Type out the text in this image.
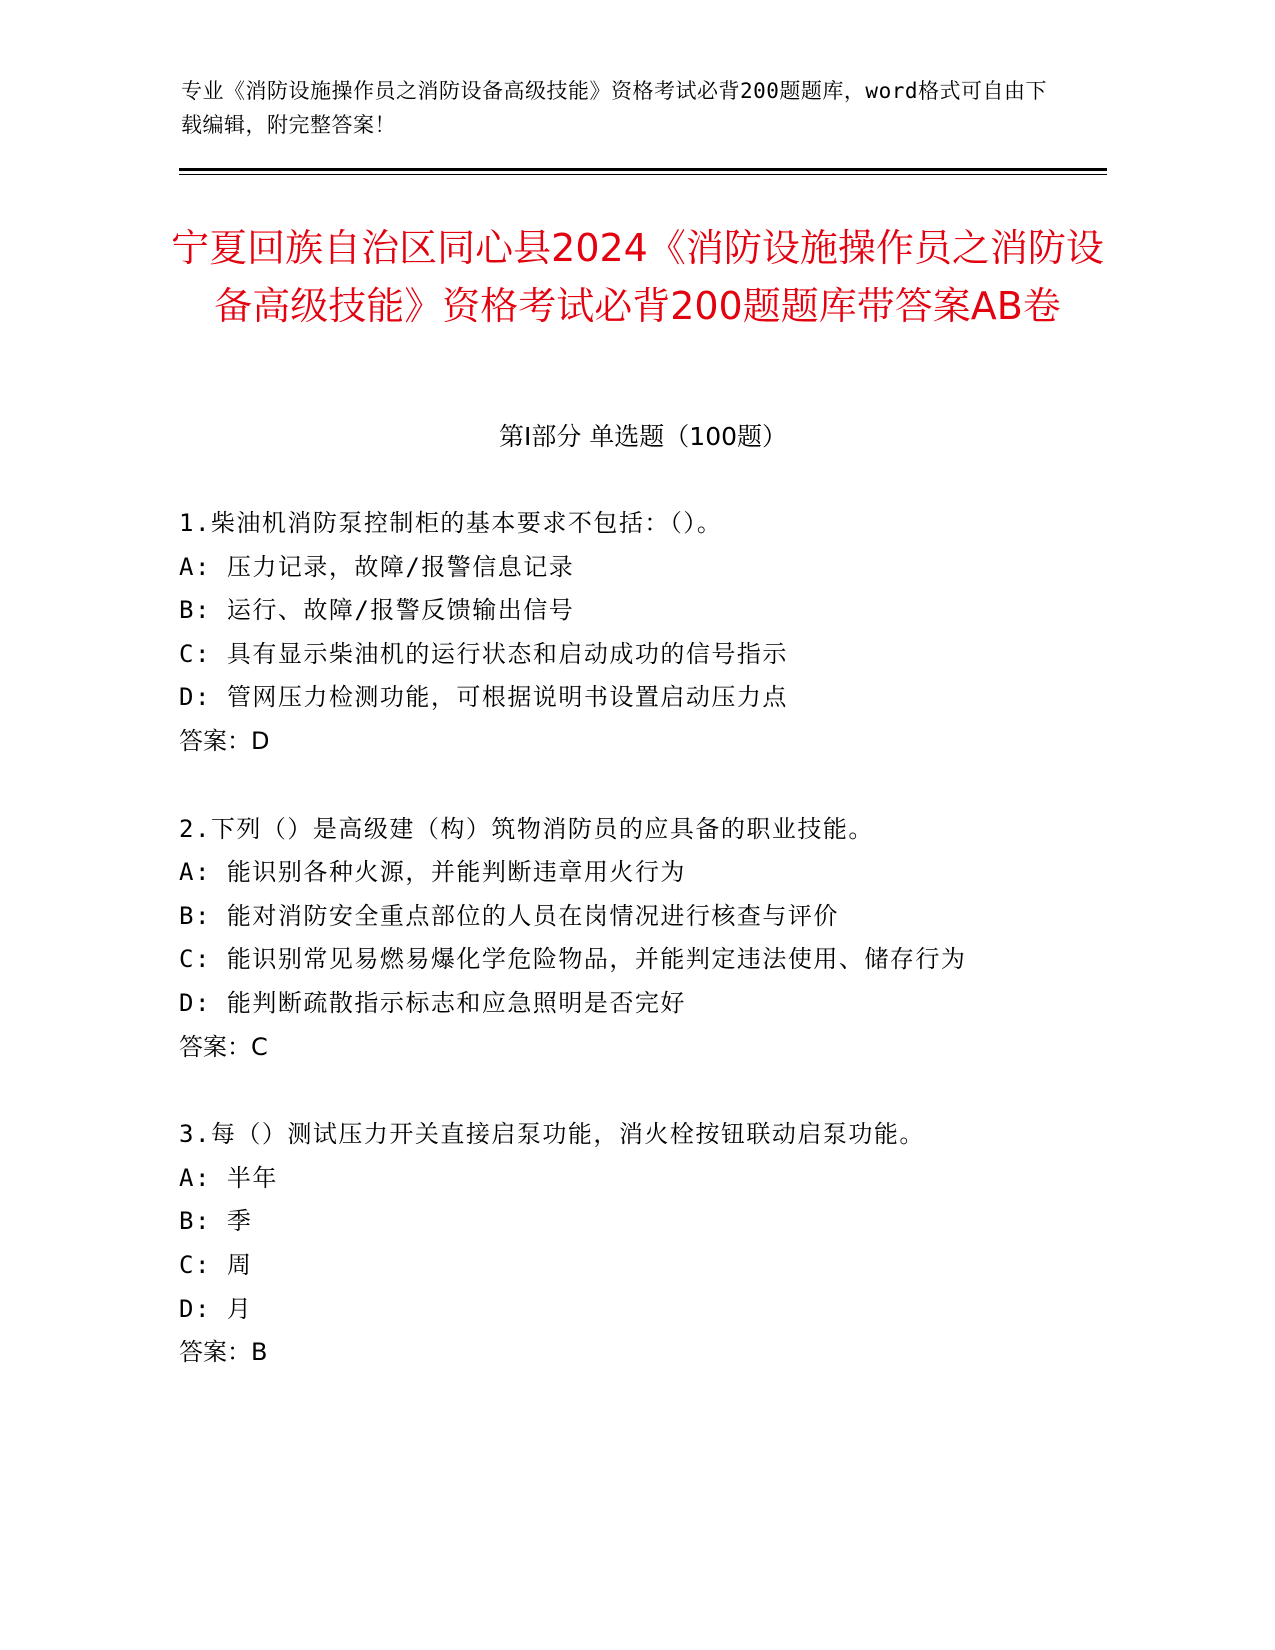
专业《消防设施操作员之消防设备高级技能》资格考试必背200题题库，word格式可自由下载编辑，附完整答案！
宁夏回族自治区同心县2024《消防设施操作员之消防设备高级技能》资格考试必背200题题库带答案AB卷
第I部分 单选题（100题）
1.柴油机消防泵控制柜的基本要求不包括：（）。
A: 压力记录，故障/报警信息记录
B: 运行、故障/报警反馈输出信号
C: 具有显示柴油机的运行状态和启动成功的信号指示
D: 管网压力检测功能，可根据说明书设置启动压力点
答案：D
2.下列（）是高级建（构）筑物消防员的应具备的职业技能。
A: 能识别各种火源，并能判断违章用火行为
B: 能对消防安全重点部位的人员在岗情况进行核查与评价
C: 能识别常见易燃易爆化学危险物品，并能判定违法使用、储存行为
D: 能判断疏散指示标志和应急照明是否完好
答案：C
3.每（）测试压力开关直接启泵功能，消火栓按钮联动启泵功能。
A: 半年
B: 季
C: 周
D: 月
答案：B
